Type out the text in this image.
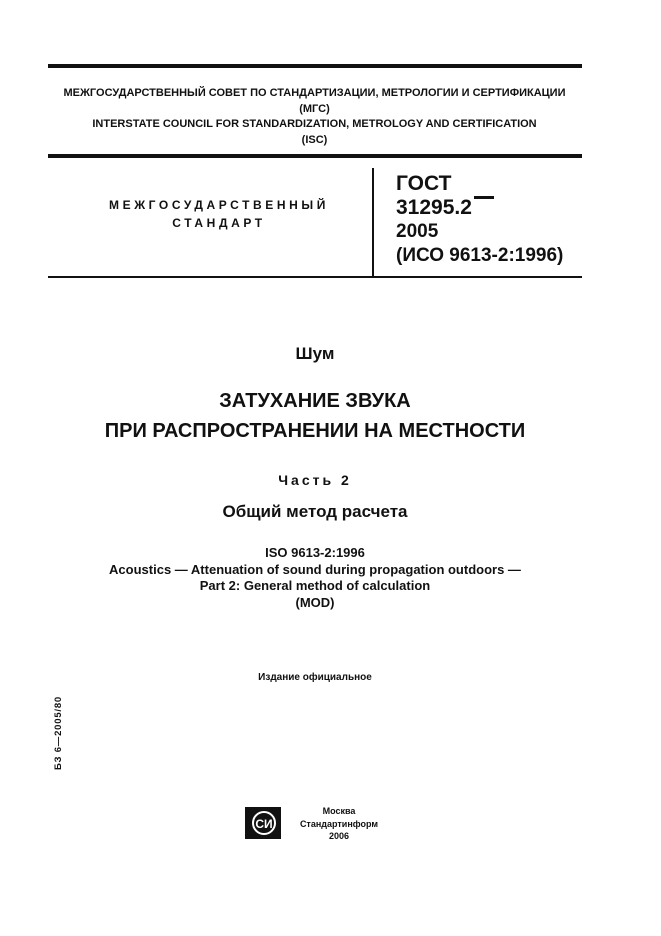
МЕЖГОСУДАРСТВЕННЫЙ СОВЕТ ПО СТАНДАРТИЗАЦИИ, МЕТРОЛОГИИ И СЕРТИФИКАЦИИ
(МГС)
INTERSTATE COUNCIL FOR STANDARDIZATION, METROLOGY AND CERTIFICATION
(ISC)
МЕЖГОСУДАРСТВЕННЫЙ
СТАНДАРТ
ГОСТ
31295.2
2005
(ИСО 9613-2:1996)
Шум
ЗАТУХАНИЕ ЗВУКА
ПРИ РАСПРОСТРАНЕНИИ НА МЕСТНОСТИ
Часть 2
Общий метод расчета
ISO 9613-2:1996
Acoustics — Attenuation of sound during propagation outdoors —
Part 2: General method of calculation
(MOD)
Издание официальное
БЗ 6—2005/80
СИ
Москва
Стандартинформ
2006
